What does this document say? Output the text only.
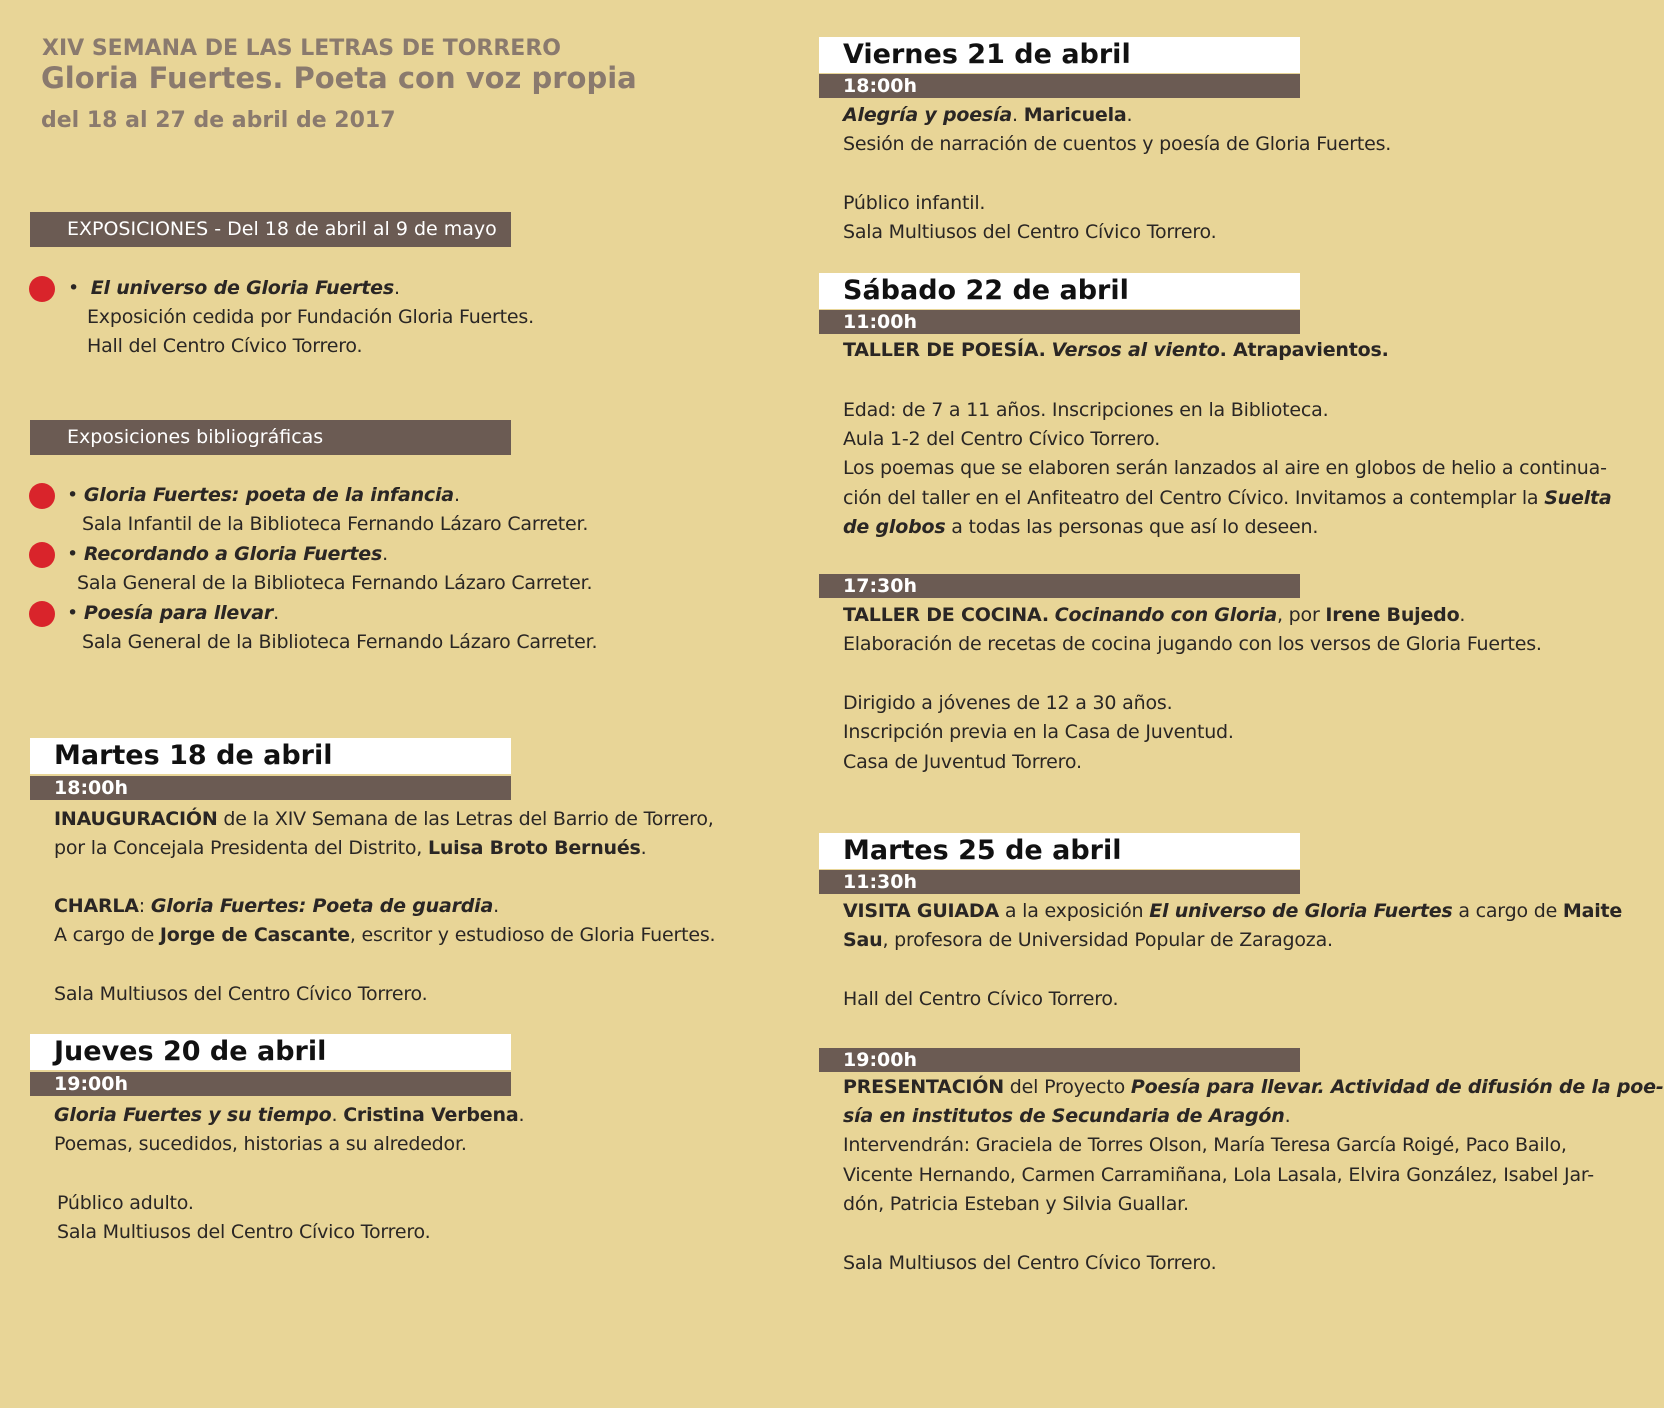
XIV SEMANA DE LAS LETRAS DE TORRERO
Gloria Fuertes. Poeta con voz propia
del 18 al 27 de abril de 2017
EXPOSICIONES - Del 18 de abril al 9 de mayo
•  El universo de Gloria Fuertes.
Exposición cedida por Fundación Gloria Fuertes.
Hall del Centro Cívico Torrero.
Exposiciones bibliográficas
• Gloria Fuertes: poeta de la infancia.
Sala Infantil de la Biblioteca Fernando Lázaro Carreter.
• Recordando a Gloria Fuertes.
Sala General de la Biblioteca Fernando Lázaro Carreter.
• Poesía para llevar.
Sala General de la Biblioteca Fernando Lázaro Carreter.
Martes 18 de abril
18:00h
INAUGURACIÓN de la XIV Semana de las Letras del Barrio de Torrero,
por la Concejala Presidenta del Distrito, Luisa Broto Bernués.
CHARLA: Gloria Fuertes: Poeta de guardia.
A cargo de Jorge de Cascante, escritor y estudioso de Gloria Fuertes.
Sala Multiusos del Centro Cívico Torrero.
Jueves 20 de abril
19:00h
Gloria Fuertes y su tiempo. Cristina Verbena.
Poemas, sucedidos, historias a su alrededor.
Público adulto.
Sala Multiusos del Centro Cívico Torrero.
Viernes 21 de abril
18:00h
Alegría y poesía. Maricuela.
Sesión de narración de cuentos y poesía de Gloria Fuertes.
Público infantil.
Sala Multiusos del Centro Cívico Torrero.
Sábado 22 de abril
11:00h
TALLER DE POESÍA. Versos al viento. Atrapavientos.
Edad: de 7 a 11 años. Inscripciones en la Biblioteca.
Aula 1-2 del Centro Cívico Torrero.
Los poemas que se elaboren serán lanzados al aire en globos de helio a continua-
ción del taller en el Anfiteatro del Centro Cívico. Invitamos a contemplar la Suelta
de globos a todas las personas que así lo deseen.
17:30h
TALLER DE COCINA. Cocinando con Gloria, por Irene Bujedo.
Elaboración de recetas de cocina jugando con los versos de Gloria Fuertes.
Dirigido a jóvenes de 12 a 30 años.
Inscripción previa en la Casa de Juventud.
Casa de Juventud Torrero.
Martes 25 de abril
11:30h
VISITA GUIADA a la exposición El universo de Gloria Fuertes a cargo de Maite
Sau, profesora de Universidad Popular de Zaragoza.
Hall del Centro Cívico Torrero.
19:00h
PRESENTACIÓN del Proyecto Poesía para llevar. Actividad de difusión de la poe-
sía en institutos de Secundaria de Aragón.
Intervendrán: Graciela de Torres Olson, María Teresa García Roigé, Paco Bailo,
Vicente Hernando, Carmen Carramiñana, Lola Lasala, Elvira González, Isabel Jar-
dón, Patricia Esteban y Silvia Guallar.
Sala Multiusos del Centro Cívico Torrero.
